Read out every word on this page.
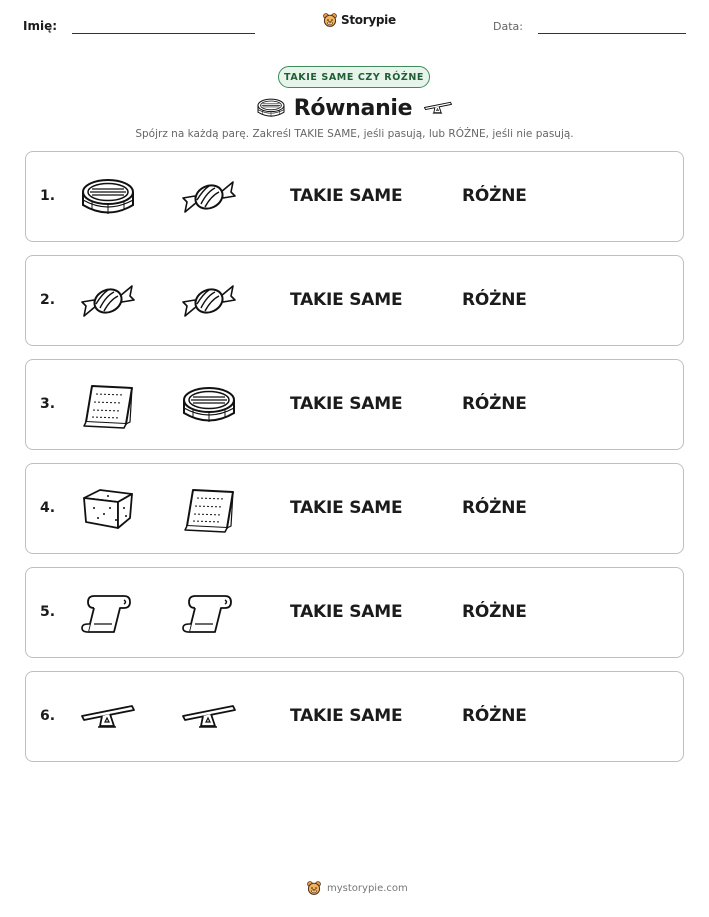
Imię:	Storypie	Data:
TAKIE SAME CZY RÓŻNE
Równanie
Spójrz na każdą parę. Zakreśl TAKIE SAME, jeśli pasują, lub RÓŻNE, jeśli nie pasują.
1.	TAKIE SAME	RÓŻNE
2.	TAKIE SAME	RÓŻNE
3.	TAKIE SAME	RÓŻNE
4.	TAKIE SAME	RÓŻNE
5.	TAKIE SAME	RÓŻNE
6.	TAKIE SAME	RÓŻNE
mystorypie.com
